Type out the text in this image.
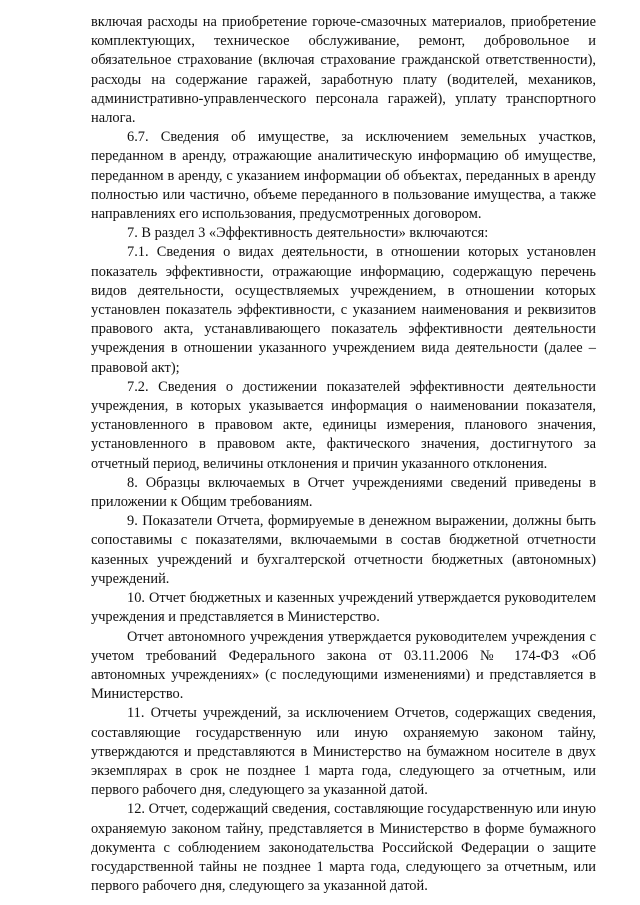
включая расходы на приобретение горюче-смазочных материалов, приобретение комплектующих, техническое обслуживание, ремонт, добровольное и обязательное страхование (включая страхование гражданской ответственности), расходы на содержание гаражей, заработную плату (водителей, механиков, административно-управленческого персонала гаражей), уплату транспортного налога.

6.7. Сведения об имуществе, за исключением земельных участков, переданном в аренду, отражающие аналитическую информацию об имуществе, переданном в аренду, с указанием информации об объектах, переданных в аренду полностью или частично, объеме переданного в пользование имущества, а также направлениях его использования, предусмотренных договором.

7. В раздел 3 «Эффективность деятельности» включаются:

7.1. Сведения о видах деятельности, в отношении которых установлен показатель эффективности, отражающие информацию, содержащую перечень видов деятельности, осуществляемых учреждением, в отношении которых установлен показатель эффективности, с указанием наименования и реквизитов правового акта, устанавливающего показатель эффективности деятельности учреждения в отношении указанного учреждением вида деятельности (далее – правовой акт);

7.2. Сведения о достижении показателей эффективности деятельности учреждения, в которых указывается информация о наименовании показателя, установленного в правовом акте, единицы измерения, планового значения, установленного в правовом акте, фактического значения, достигнутого за отчетный период, величины отклонения и причин указанного отклонения.

8. Образцы включаемых в Отчет учреждениями сведений приведены в приложении к Общим требованиям.

9. Показатели Отчета, формируемые в денежном выражении, должны быть сопоставимы с показателями, включаемыми в состав бюджетной отчетности казенных учреждений и бухгалтерской отчетности бюджетных (автономных) учреждений.

10. Отчет бюджетных и казенных учреждений утверждается руководителем учреждения и представляется в Министерство.

Отчет автономного учреждения утверждается руководителем учреждения с учетом требований Федерального закона от 03.11.2006 № 174-ФЗ «Об автономных учреждениях» (с последующими изменениями) и представляется в Министерство.

11. Отчеты учреждений, за исключением Отчетов, содержащих сведения, составляющие государственную или иную охраняемую законом тайну, утверждаются и представляются в Министерство на бумажном носителе в двух экземплярах в срок не позднее 1 марта года, следующего за отчетным, или первого рабочего дня, следующего за указанной датой.

12. Отчет, содержащий сведения, составляющие государственную или иную охраняемую законом тайну, представляется в Министерство в форме бумажного документа с соблюдением законодательства Российской Федерации о защите государственной тайны не позднее 1 марта года, следующего за отчетным, или первого рабочего дня, следующего за указанной датой.
